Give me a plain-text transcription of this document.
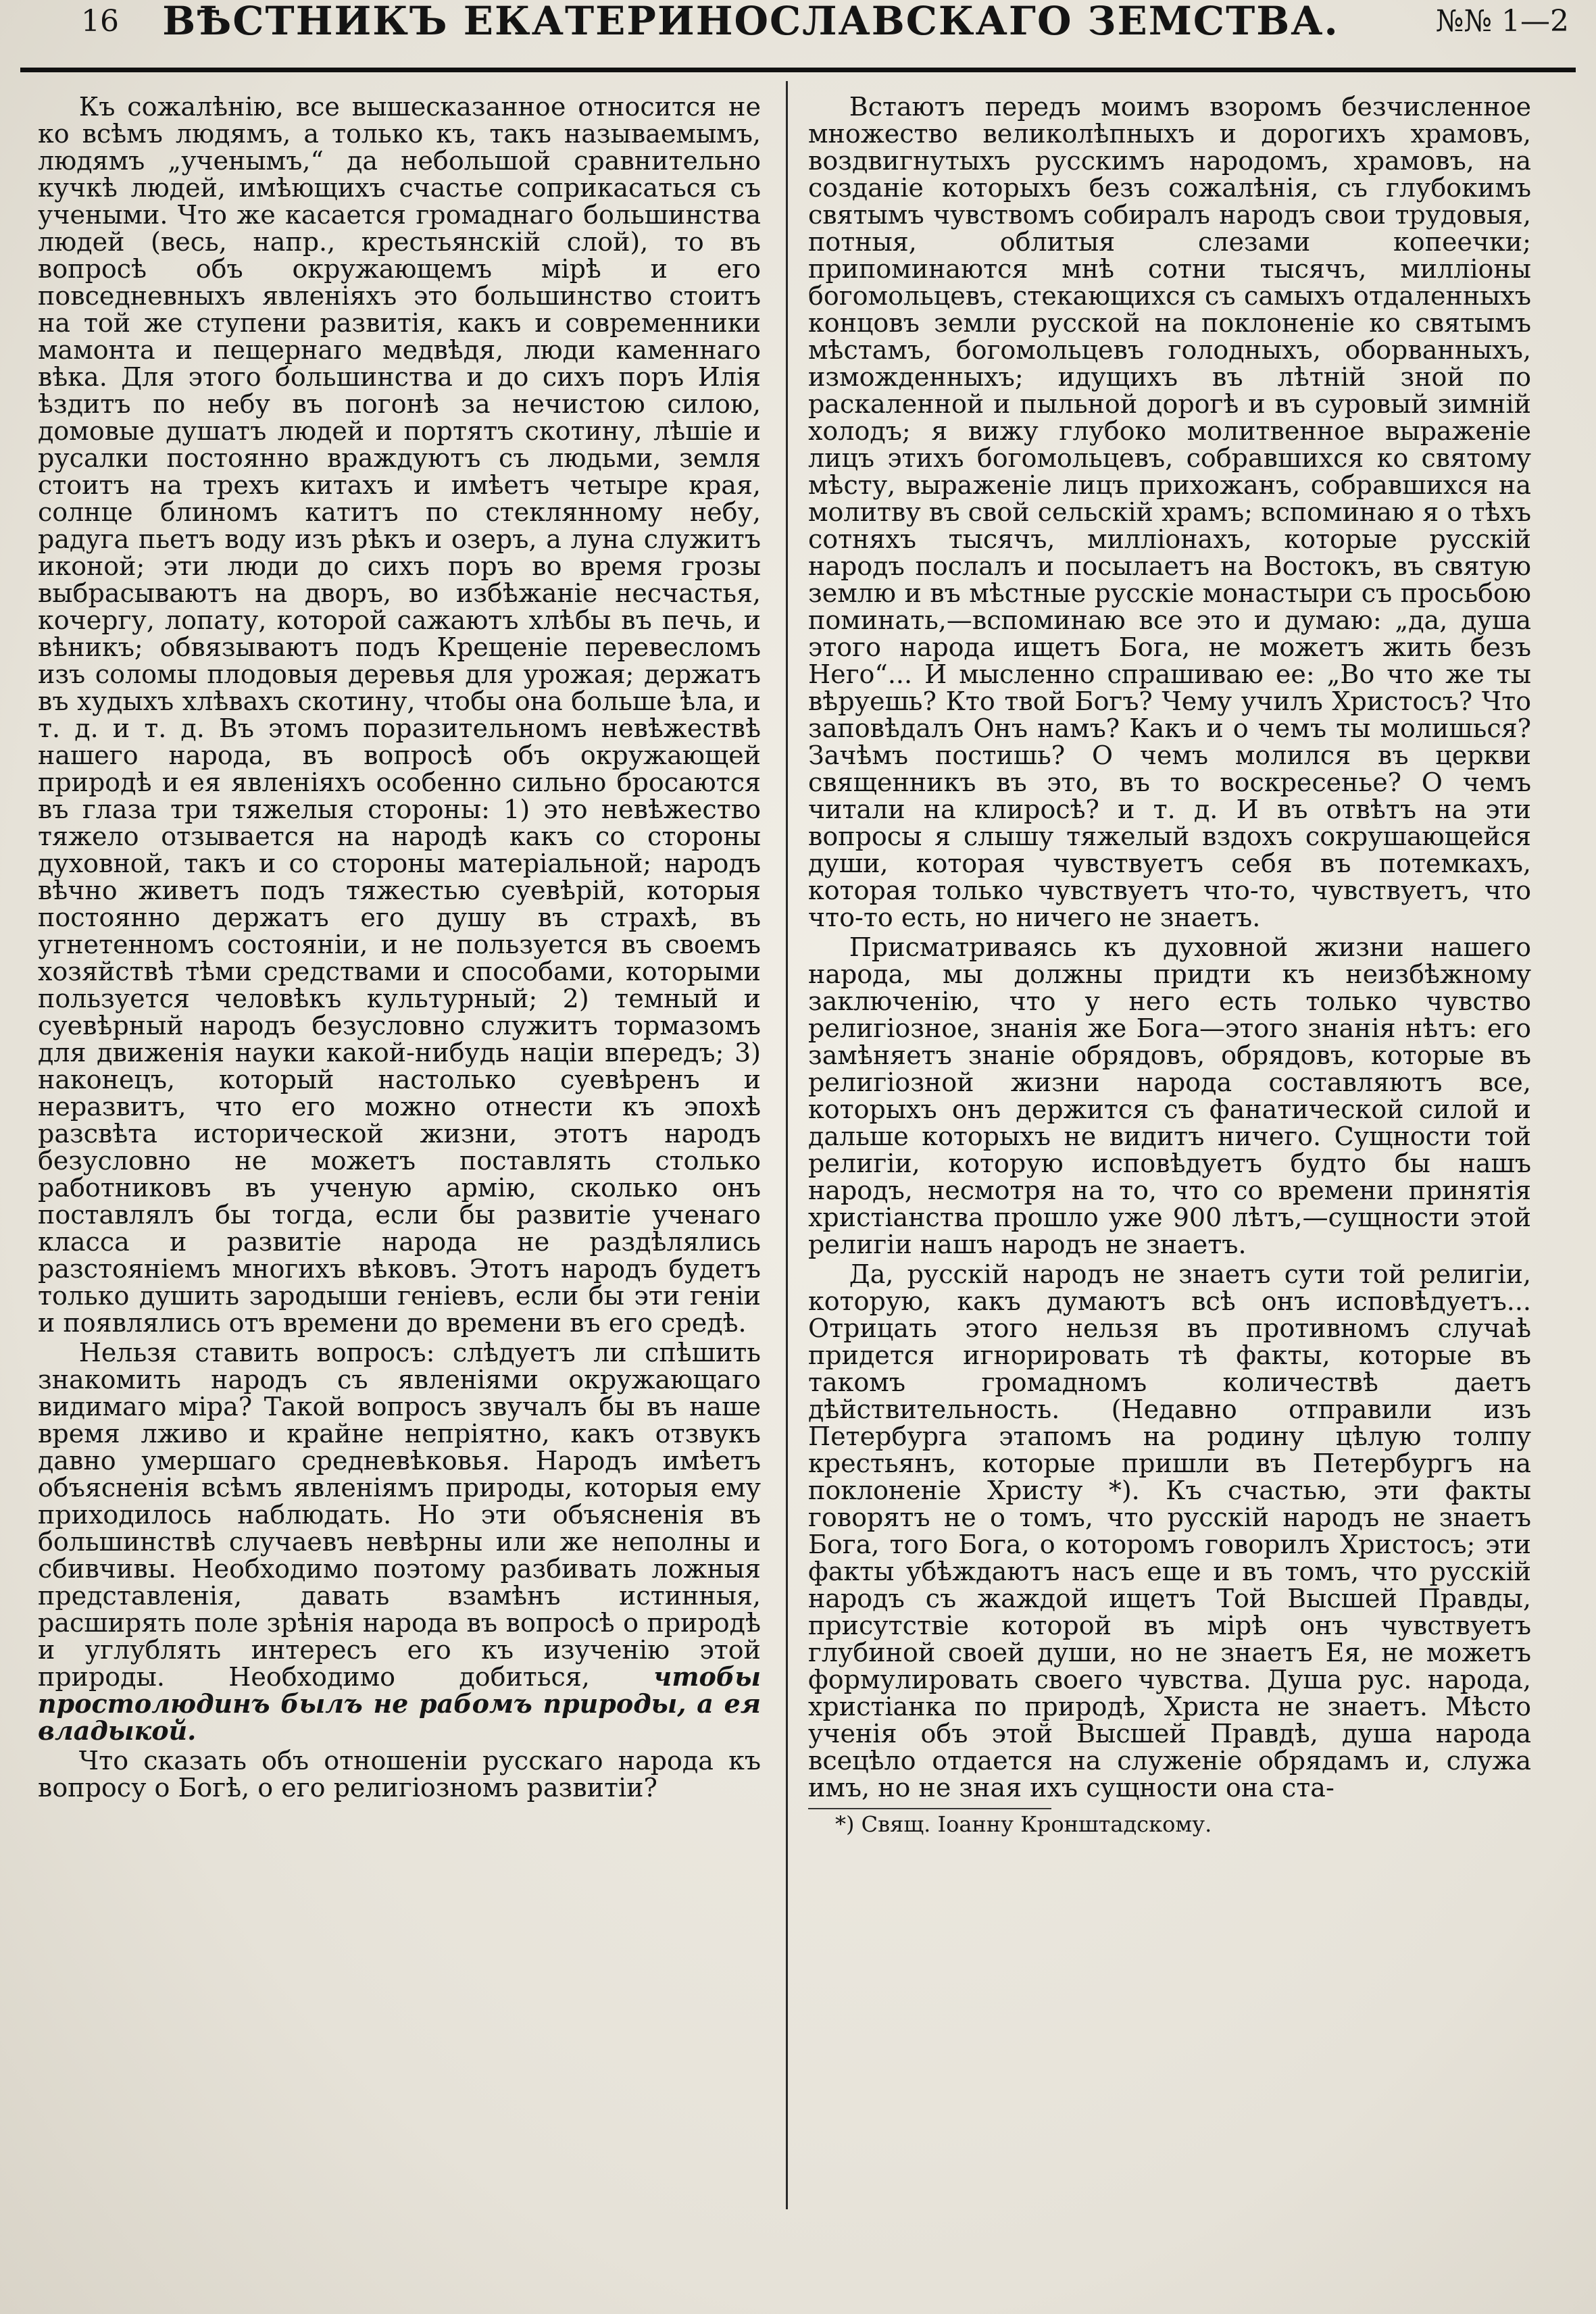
16	ВѢСТНИКЪ ЕКАТЕРИНОСЛАВСКАГО ЗЕМСТВА.	№№ 1—2

Къ сожалѣнію, все вышесказанное относится не ко всѣмъ людямъ, а только къ, такъ называемымъ, людямъ „ученымъ,“ да небольшой сравнительно кучкѣ людей, имѣющихъ счастье соприкасаться съ учеными. Что же касается громаднаго большинства людей (весь, напр., крестьянскій слой), то въ вопросѣ объ окружающемъ мірѣ и его повседневныхъ явленіяхъ это большинство стоитъ на той же ступени развитія, какъ и современники мамонта и пещернаго медвѣдя, люди каменнаго вѣка. Для этого большинства и до сихъ поръ Илія ѣздитъ по небу въ погонѣ за нечистою силою, домовые душатъ людей и портятъ скотину, лѣшіе и русалки постоянно враждуютъ съ людьми, земля стоитъ на трехъ китахъ и имѣетъ четыре края, солнце блиномъ катитъ по стеклянному небу, радуга пьетъ воду изъ рѣкъ и озеръ, а луна служитъ иконой; эти люди до сихъ поръ во время грозы выбрасываютъ на дворъ, во избѣжаніе несчастья, кочергу, лопату, которой сажаютъ хлѣбы въ печь, и вѣникъ; обвязываютъ подъ Крещеніе перевесломъ изъ соломы плодовыя деревья для урожая; держатъ въ худыхъ хлѣвахъ скотину, чтобы она больше ѣла, и т. д. и т. д. Въ этомъ поразительномъ невѣжествѣ нашего народа, въ вопросѣ объ окружающей природѣ и ея явленіяхъ особенно сильно бросаются въ глаза три тяжелыя стороны: 1) это невѣжество тяжело отзывается на народѣ какъ со стороны духовной, такъ и со стороны матеріальной; народъ вѣчно живетъ подъ тяжестью суевѣрій, которыя постоянно держатъ его душу въ страхѣ, въ угнетенномъ состояніи, и не пользуется въ своемъ хозяйствѣ тѣми средствами и способами, которыми пользуется человѣкъ культурный; 2) темный и суевѣрный народъ безусловно служитъ тормазомъ для движенія науки какой-нибудь націи впередъ; 3) наконецъ, который настолько суевѣренъ и неразвитъ, что его можно отнести къ эпохѣ разсвѣта исторической жизни, этотъ народъ безусловно не можетъ поставлять столько работниковъ въ ученую армію, сколько онъ поставлялъ бы тогда, если бы развитіе ученаго класса и развитіе народа не раздѣлялись разстояніемъ многихъ вѣковъ. Этотъ народъ будетъ только душить зародыши геніевъ, если бы эти геніи и появлялись отъ времени до времени въ его средѣ.

Нельзя ставить вопросъ: слѣдуетъ ли спѣшить знакомить народъ съ явленіями окружающаго видимаго міра? Такой вопросъ звучалъ бы въ наше время лживо и крайне непріятно, какъ отзвукъ давно умершаго средневѣковья. Народъ имѣетъ объясненія всѣмъ явленіямъ природы, которыя ему приходилось наблюдать. Но эти объясненія въ большинствѣ случаевъ невѣрны или же неполны и сбивчивы. Необходимо поэтому разбивать ложныя представленія, давать взамѣнъ истинныя, расширять поле зрѣнія народа въ вопросѣ о природѣ и углублять интересъ его къ изученію этой природы. Необходимо добиться, чтобы простолюдинъ былъ не рабомъ природы, а ея владыкой.

Что сказать объ отношеніи русскаго народа къ вопросу о Богѣ, о его религіозномъ развитіи?

Встаютъ передъ моимъ взоромъ безчисленное множество великолѣпныхъ и дорогихъ храмовъ, воздвигнутыхъ русскимъ народомъ, храмовъ, на созданіе которыхъ безъ сожалѣнія, съ глубокимъ святымъ чувствомъ собиралъ народъ свои трудовыя, потныя, облитыя слезами копеечки; припоминаются мнѣ сотни тысячъ, милліоны богомольцевъ, стекающихся съ самыхъ отдаленныхъ концовъ земли русской на поклоненіе ко святымъ мѣстамъ, богомольцевъ голодныхъ, оборванныхъ, изможденныхъ; идущихъ въ лѣтній зной по раскаленной и пыльной дорогѣ и въ суровый зимній холодъ; я вижу глубоко молитвенное выраженіе лицъ этихъ богомольцевъ, собравшихся ко святому мѣсту, выраженіе лицъ прихожанъ, собравшихся на молитву въ свой сельскій храмъ; вспоминаю я о тѣхъ сотняхъ тысячъ, милліонахъ, которые русскій народъ послалъ и посылаетъ на Востокъ, въ святую землю и въ мѣстные русскіе монастыри съ просьбою поминать,—вспоминаю все это и думаю: „да, душа этого народа ищетъ Бога, не можетъ жить безъ Него“... И мысленно спрашиваю ее: „Во что же ты вѣруешь? Кто твой Богъ? Чему училъ Христосъ? Что заповѣдалъ Онъ намъ? Какъ и о чемъ ты молишься? Зачѣмъ постишь? О чемъ молился въ церкви священникъ въ это, въ то воскресенье? О чемъ читали на клиросѣ? и т. д. И въ отвѣтъ на эти вопросы я слышу тяжелый вздохъ сокрушающейся души, которая чувствуетъ себя въ потемкахъ, которая только чувствуетъ что-то, чувствуетъ, что что-то есть, но ничего не знаетъ.

Присматриваясь къ духовной жизни нашего народа, мы должны придти къ неизбѣжному заключенію, что у него есть только чувство религіозное, знанія же Бога—этого знанія нѣтъ: его замѣняетъ знаніе обрядовъ, обрядовъ, которые въ религіозной жизни народа составляютъ все, которыхъ онъ держится съ фанатической силой и дальше которыхъ не видитъ ничего. Сущности той религіи, которую исповѣдуетъ будто бы нашъ народъ, несмотря на то, что со времени принятія христіанства прошло уже 900 лѣтъ,—сущности этой религіи нашъ народъ не знаетъ.

Да, русскій народъ не знаетъ сути той религіи, которую, какъ думаютъ всѣ онъ исповѣдуетъ... Отрицать этого нельзя въ противномъ случаѣ придется игнорировать тѣ факты, которые въ такомъ громадномъ количествѣ даетъ дѣйствительность. (Недавно отправили изъ Петербурга этапомъ на родину цѣлую толпу крестьянъ, которые пришли въ Петербургъ на поклоненіе Христу *). Къ счастью, эти факты говорятъ не о томъ, что русскій народъ не знаетъ Бога, того Бога, о которомъ говорилъ Христосъ; эти факты убѣждаютъ насъ еще и въ томъ, что русскій народъ съ жаждой ищетъ Той Высшей Правды, присутствіе которой въ мірѣ онъ чувствуетъ глубиной своей души, но не знаетъ Ея, не можетъ формулировать своего чувства. Душа рус. народа, христіанка по природѣ, Христа не знаетъ. Мѣсто ученія объ этой Высшей Правдѣ, душа народа всецѣло отдается на служеніе обрядамъ и, служа имъ, но не зная ихъ сущности она ста-

*) Свящ. Іоанну Кронштадскому.
